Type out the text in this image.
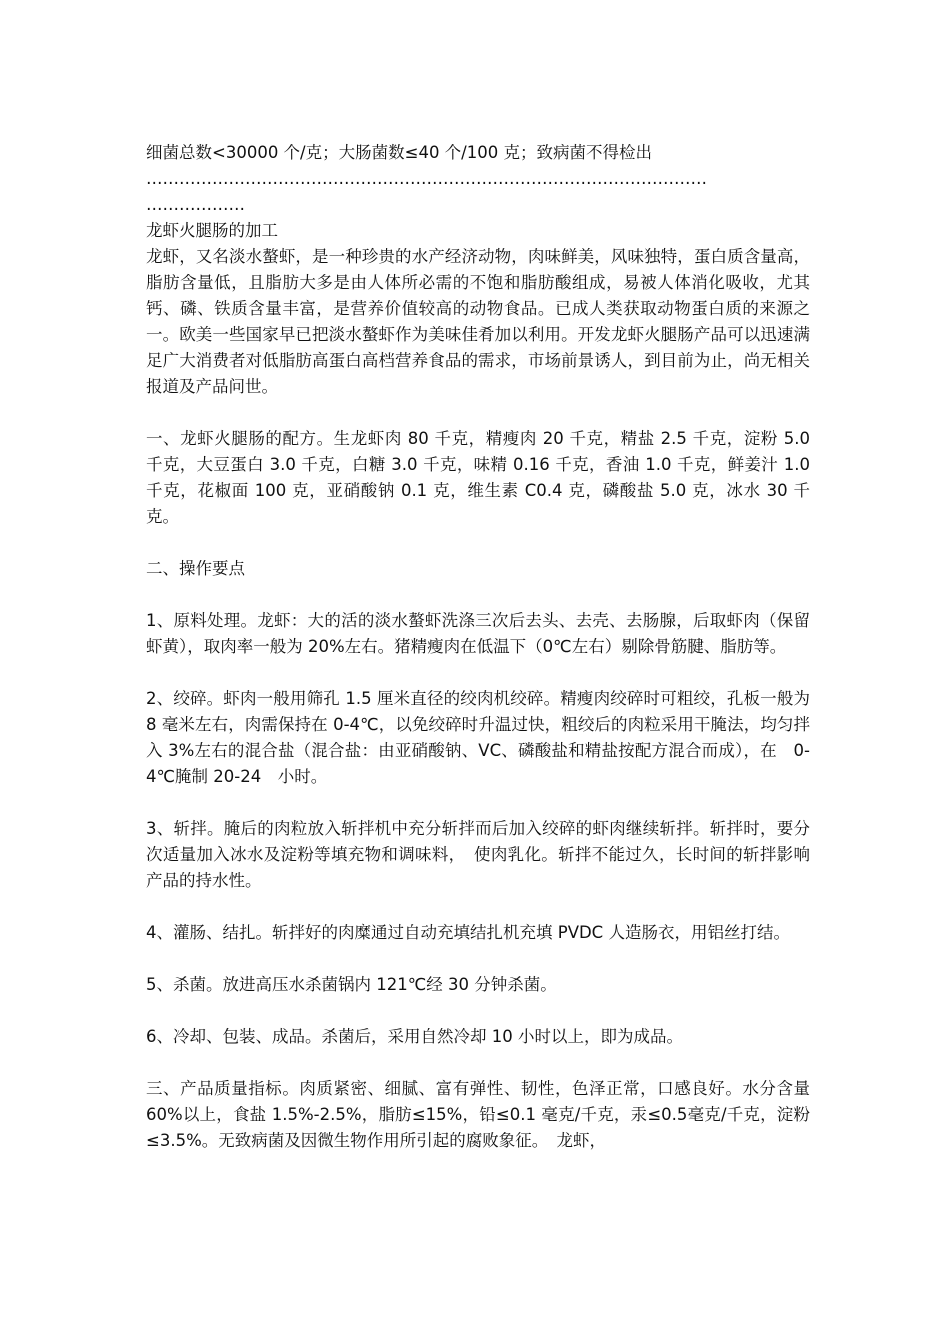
细菌总数<30000 个/克；大肠菌数≤40 个/100 克；致病菌不得检出

…………………………………………………………………………………………

………………

龙虾火腿肠的加工

龙虾，又名淡水螯虾，是一种珍贵的水产经济动物，肉味鲜美，风味独特，蛋白质含量高，脂肪含量低，且脂肪大多是由人体所必需的不饱和脂肪酸组成，易被人体消化吸收，尤其钙、磷、铁质含量丰富，是营养价值较高的动物食品。已成人类获取动物蛋白质的来源之一。欧美一些国家早已把淡水螯虾作为美味佳肴加以利用。开发龙虾火腿肠产品可以迅速满足广大消费者对低脂肪高蛋白高档营养食品的需求，市场前景诱人，到目前为止，尚无相关报道及产品问世。

一、龙虾火腿肠的配方。生龙虾肉 80 千克，精瘦肉 20 千克，精盐 2.5 千克，淀粉 5.0 千克，大豆蛋白 3.0 千克，白糖 3.0 千克，味精 0.16 千克，香油 1.0 千克，鲜姜汁 1.0 千克，花椒面 100 克，亚硝酸钠 0.1 克，维生素 C0.4 克，磷酸盐 5.0 克，冰水 30 千克。

二、操作要点

1、原料处理。龙虾：大的活的淡水螯虾洗涤三次后去头、去壳、去肠腺，后取虾肉（保留虾黄），取肉率一般为 20%左右。猪精瘦肉在低温下（0℃左右）剔除骨筋腱、脂肪等。

2、绞碎。虾肉一般用筛孔 1.5 厘米直径的绞肉机绞碎。精瘦肉绞碎时可粗绞，孔板一般为 8 毫米左右，肉需保持在 0-4℃，以免绞碎时升温过快，粗绞后的肉粒采用干腌法，均匀拌入 3%左右的混合盐（混合盐：由亚硝酸钠、VC、磷酸盐和精盐按配方混合而成），在　0-4℃腌制 20-24　小时。

3、斩拌。腌后的肉粒放入斩拌机中充分斩拌而后加入绞碎的虾肉继续斩拌。斩拌时，要分次适量加入冰水及淀粉等填充物和调味料，　使肉乳化。斩拌不能过久，长时间的斩拌影响产品的持水性。

4、灌肠、结扎。斩拌好的肉糜通过自动充填结扎机充填 PVDC 人造肠衣，用铝丝打结。

5、杀菌。放进高压水杀菌锅内 121℃经 30 分钟杀菌。

6、冷却、包装、成品。杀菌后，采用自然冷却 10 小时以上，即为成品。

三、产品质量指标。肉质紧密、细腻、富有弹性、韧性，色泽正常，口感良好。水分含量 60%以上，食盐 1.5%-2.5%，脂肪≤15%，铅≤0.1 毫克/千克，汞≤0.5毫克/千克，淀粉≤3.5%。无致病菌及因微生物作用所引起的腐败象征。　龙虾，
